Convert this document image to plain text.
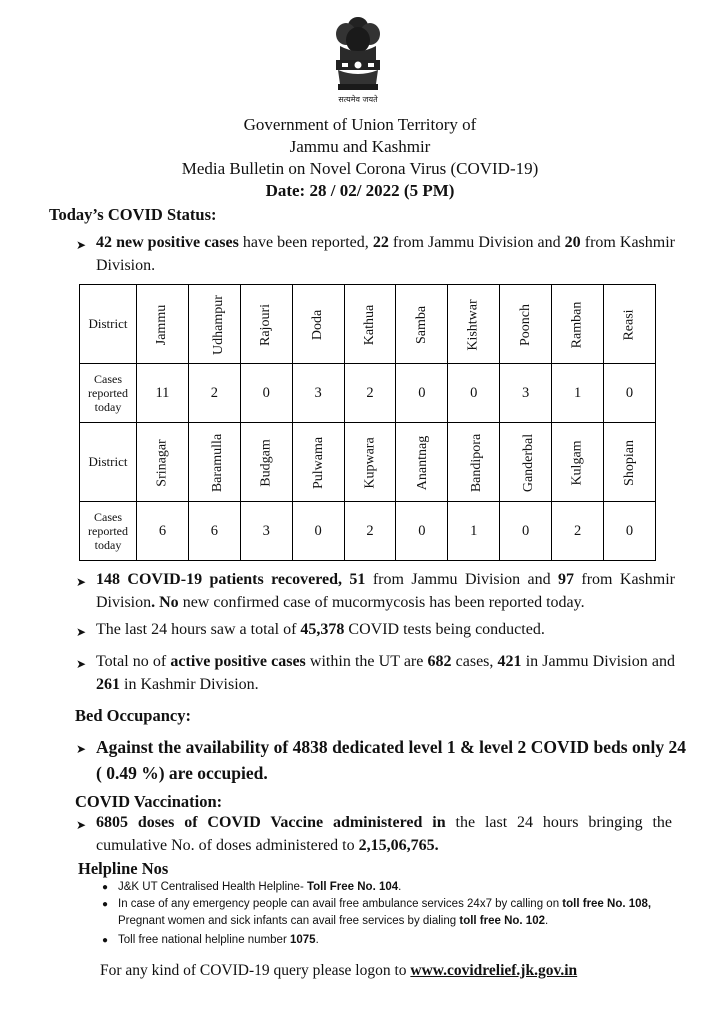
सत्यमेव जयते
Government of Union Territory of
Jammu and Kashmir
Media Bulletin on Novel Corona Virus (COVID-19)
Date: 28 / 02/ 2022 (5 PM)
Today’s COVID Status:
➤ 42 new positive cases have been reported, 22 from Jammu Division and 20 from Kashmir Division.
District	Jammu	Udhampur	Rajouri	Doda	Kathua	Samba	Kishtwar	Poonch	Ramban	Reasi
Cases reported today	11	2	0	3	2	0	0	3	1	0
District	Srinagar	Baramulla	Budgam	Pulwama	Kupwara	Anantnag	Bandipora	Ganderbal	Kulgam	Shopian
Cases reported today	6	6	3	0	2	0	1	0	2	0
➤ 148 COVID-19 patients recovered, 51 from Jammu Division and 97 from Kashmir Division. No new confirmed case of mucormycosis has been reported today.
➤ The last 24 hours saw a total of 45,378 COVID tests being conducted.
➤ Total no of active positive cases within the UT are 682 cases, 421 in Jammu Division and 261 in Kashmir Division.
Bed Occupancy:
➤ Against the availability of 4838 dedicated level 1 & level 2 COVID beds only 24 ( 0.49 %) are occupied.
COVID Vaccination:
➤ 6805 doses of COVID Vaccine administered in the last 24 hours bringing the cumulative No. of doses administered to 2,15,06,765.
Helpline Nos
● J&K UT Centralised Health Helpline- Toll Free No. 104.
● In case of any emergency people can avail free ambulance services 24x7 by calling on toll free No. 108, Pregnant women and sick infants can avail free services by dialing toll free No. 102.
● Toll free national helpline number 1075.
For any kind of COVID-19 query please logon to www.covidrelief.jk.gov.in
